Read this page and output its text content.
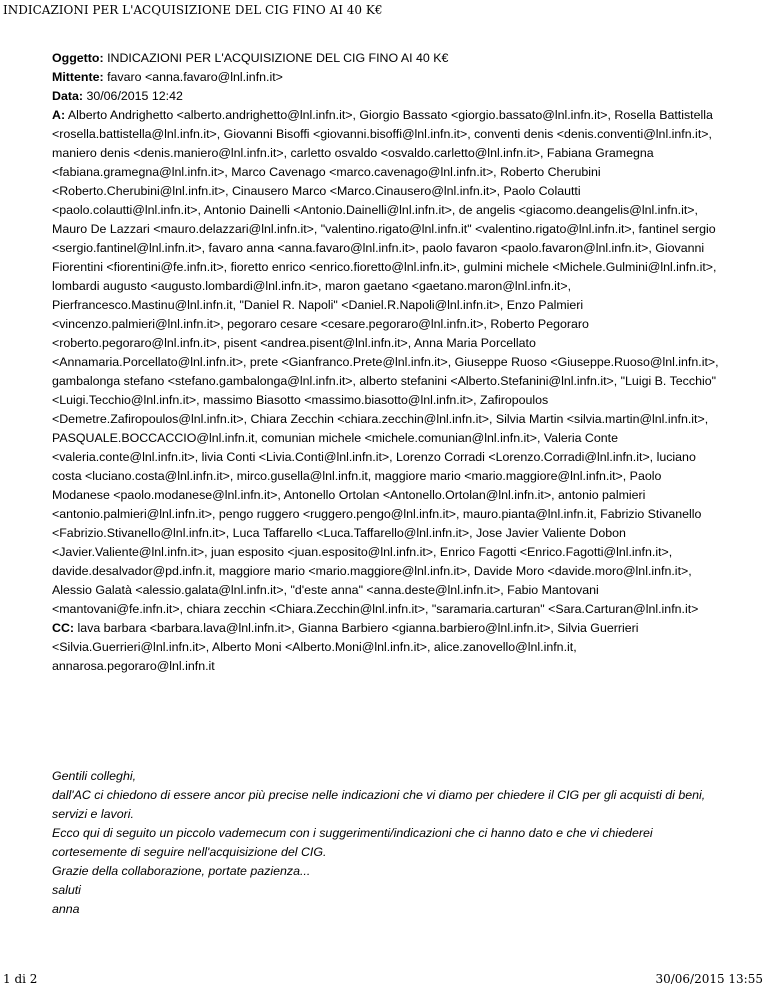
INDICAZIONI PER L'ACQUISIZIONE DEL CIG FINO AI 40 K€

Oggetto: INDICAZIONI PER L'ACQUISIZIONE DEL CIG FINO AI 40 K€

Mittente: favaro <anna.favaro@lnl.infn.it>

Data: 30/06/2015 12:42

A: Alberto Andrighetto <alberto.andrighetto@lnl.infn.it>, Giorgio Bassato <giorgio.bassato@lnl.infn.it>, Rosella Battistella <rosella.battistella@lnl.infn.it>, Giovanni Bisoffi <giovanni.bisoffi@lnl.infn.it>, conventi denis <denis.conventi@lnl.infn.it>, maniero denis <denis.maniero@lnl.infn.it>, carletto osvaldo <osvaldo.carletto@lnl.infn.it>, Fabiana Gramegna <fabiana.gramegna@lnl.infn.it>, Marco Cavenago <marco.cavenago@lnl.infn.it>, Roberto Cherubini <Roberto.Cherubini@lnl.infn.it>, Cinausero Marco <Marco.Cinausero@lnl.infn.it>, Paolo Colautti <paolo.colautti@lnl.infn.it>, Antonio Dainelli <Antonio.Dainelli@lnl.infn.it>, de angelis <giacomo.deangelis@lnl.infn.it>, Mauro De Lazzari <mauro.delazzari@lnl.infn.it>, "valentino.rigato@lnl.infn.it" <valentino.rigato@lnl.infn.it>, fantinel sergio <sergio.fantinel@lnl.infn.it>, favaro anna <anna.favaro@lnl.infn.it>, paolo favaron <paolo.favaron@lnl.infn.it>, Giovanni Fiorentini <fiorentini@fe.infn.it>, fioretto enrico <enrico.fioretto@lnl.infn.it>, gulmini michele <Michele.Gulmini@lnl.infn.it>, lombardi augusto <augusto.lombardi@lnl.infn.it>, maron gaetano <gaetano.maron@lnl.infn.it>, Pierfrancesco.Mastinu@lnl.infn.it, "Daniel R. Napoli" <Daniel.R.Napoli@lnl.infn.it>, Enzo Palmieri <vincenzo.palmieri@lnl.infn.it>, pegoraro cesare <cesare.pegoraro@lnl.infn.it>, Roberto Pegoraro <roberto.pegoraro@lnl.infn.it>, pisent <andrea.pisent@lnl.infn.it>, Anna Maria Porcellato <Annamaria.Porcellato@lnl.infn.it>, prete <Gianfranco.Prete@lnl.infn.it>, Giuseppe Ruoso <Giuseppe.Ruoso@lnl.infn.it>, gambalonga stefano <stefano.gambalonga@lnl.infn.it>, alberto stefanini <Alberto.Stefanini@lnl.infn.it>, "Luigi B. Tecchio" <Luigi.Tecchio@lnl.infn.it>, massimo Biasotto <massimo.biasotto@lnl.infn.it>, Zafiropoulos <Demetre.Zafiropoulos@lnl.infn.it>, Chiara Zecchin <chiara.zecchin@lnl.infn.it>, Silvia Martin <silvia.martin@lnl.infn.it>, PASQUALE.BOCCACCIO@lnl.infn.it, comunian michele <michele.comunian@lnl.infn.it>, Valeria Conte <valeria.conte@lnl.infn.it>, livia Conti <Livia.Conti@lnl.infn.it>, Lorenzo Corradi <Lorenzo.Corradi@lnl.infn.it>, luciano costa <luciano.costa@lnl.infn.it>, mirco.gusella@lnl.infn.it, maggiore mario <mario.maggiore@lnl.infn.it>, Paolo Modanese <paolo.modanese@lnl.infn.it>, Antonello Ortolan <Antonello.Ortolan@lnl.infn.it>, antonio palmieri <antonio.palmieri@lnl.infn.it>, pengo ruggero <ruggero.pengo@lnl.infn.it>, mauro.pianta@lnl.infn.it, Fabrizio Stivanello <Fabrizio.Stivanello@lnl.infn.it>, Luca Taffarello <Luca.Taffarello@lnl.infn.it>, Jose Javier Valiente Dobon <Javier.Valiente@lnl.infn.it>, juan esposito <juan.esposito@lnl.infn.it>, Enrico Fagotti <Enrico.Fagotti@lnl.infn.it>, davide.desalvador@pd.infn.it, maggiore mario <mario.maggiore@lnl.infn.it>, Davide Moro <davide.moro@lnl.infn.it>, Alessio Galatà <alessio.galata@lnl.infn.it>, "d'este anna" <anna.deste@lnl.infn.it>, Fabio Mantovani <mantovani@fe.infn.it>, chiara zecchin <Chiara.Zecchin@lnl.infn.it>, "saramaria.carturan" <Sara.Carturan@lnl.infn.it>

CC: lava barbara <barbara.lava@lnl.infn.it>, Gianna Barbiero <gianna.barbiero@lnl.infn.it>, Silvia Guerrieri <Silvia.Guerrieri@lnl.infn.it>, Alberto Moni <Alberto.Moni@lnl.infn.it>, alice.zanovello@lnl.infn.it, annarosa.pegoraro@lnl.infn.it

Gentili colleghi,

dall'AC ci chiedono di essere ancor più precise nelle indicazioni che vi diamo per chiedere il CIG per gli acquisti di beni, servizi e lavori.

Ecco qui di seguito un piccolo vademecum con i suggerimenti/indicazioni che ci hanno dato e che vi chiederei cortesemente di seguire nell'acquisizione del CIG.

Grazie della collaborazione, portate pazienza...

saluti

anna

1 di 2	30/06/2015 13:55
